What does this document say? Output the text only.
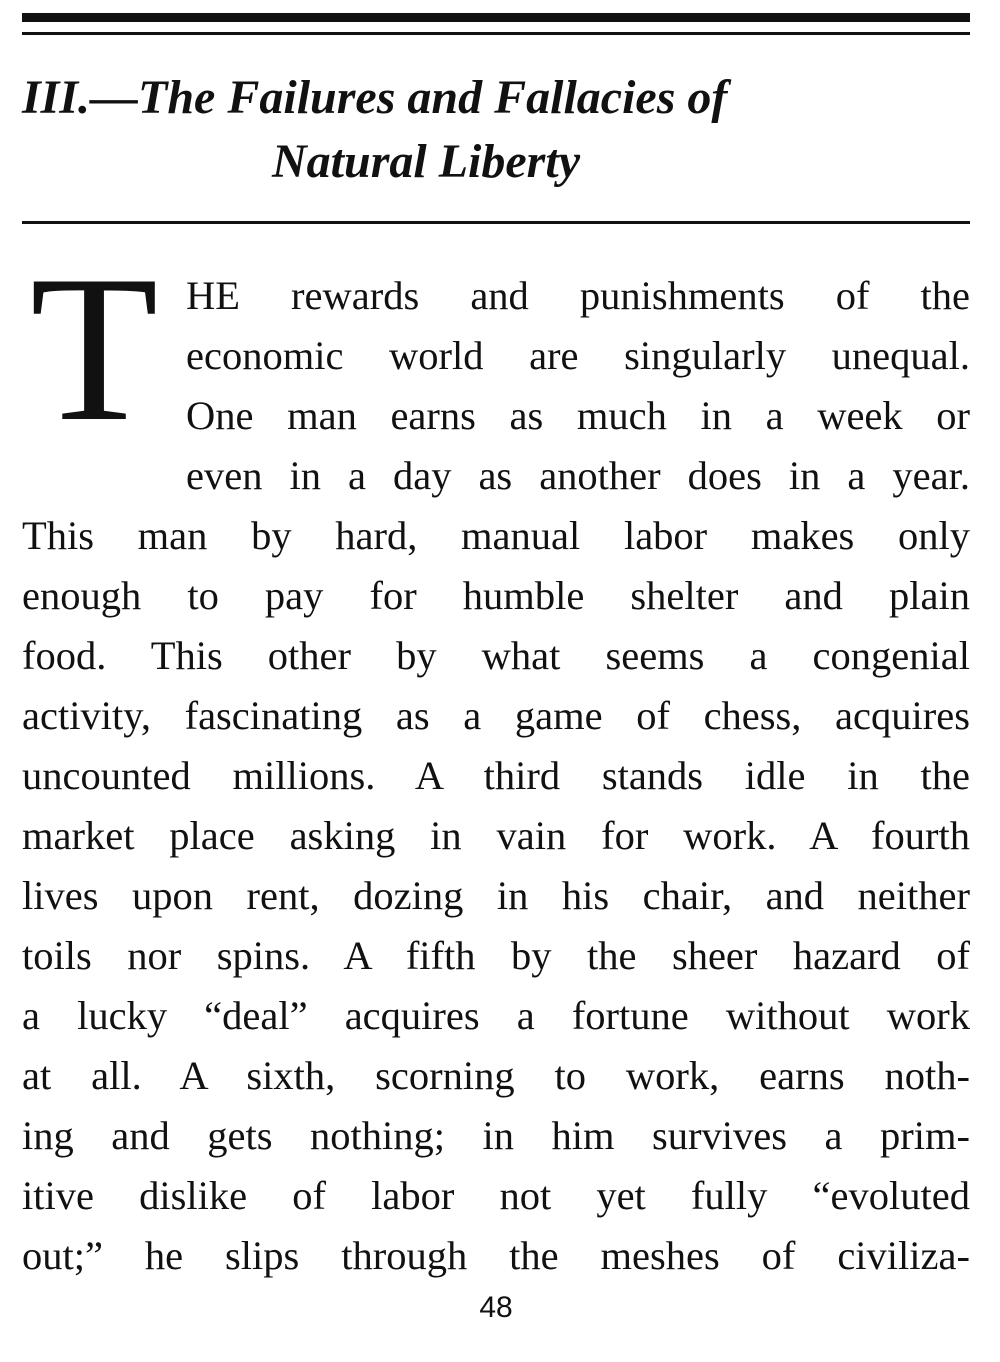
III.—The Failures and Fallacies of
Natural Liberty
T HE rewards and punishments of the
economic world are singularly unequal.
One man earns as much in a week or
even in a day as another does in a year.
This man by hard, manual labor makes only
enough to pay for humble shelter and plain
food. This other by what seems a congenial
activity, fascinating as a game of chess, acquires
uncounted millions. A third stands idle in the
market place asking in vain for work. A fourth
lives upon rent, dozing in his chair, and neither
toils nor spins. A fifth by the sheer hazard of
a lucky “deal” acquires a fortune without work
at all. A sixth, scorning to work, earns noth-
ing and gets nothing; in him survives a prim-
itive dislike of labor not yet fully “evoluted
out;” he slips through the meshes of civiliza-
48
